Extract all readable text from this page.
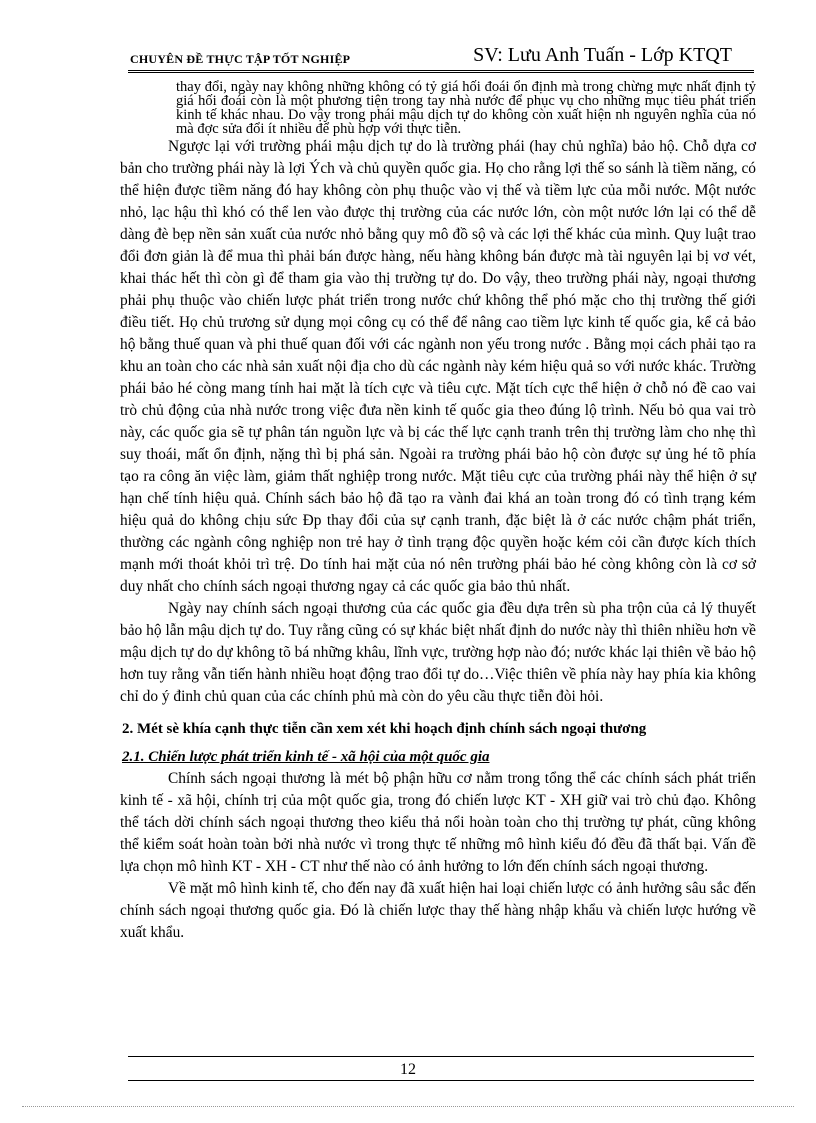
CHUYÊN ĐỀ THỰC TẬP TỐT NGHIỆP	SV: Lưu Anh Tuấn - Lớp KTQT

thay đổi, ngày nay không những không có tỷ giá hối đoái ổn định mà trong chừng mực nhất định tỷ giá hối đoái còn là một phương tiện trong tay nhà nước để phục vụ cho những mục tiêu phát triển kinh tế khác nhau. Do vậy trong phái mậu dịch tự do không còn xuất hiện nh nguyên nghĩa của nó mà đợc sửa đổi ít nhiều để phù hợp với thực tiễn.

Ngược lại với trường phái mậu dịch tự do là trường phái (hay chủ nghĩa) bảo hộ. Chỗ dựa cơ bản cho trường phái này là lợi Ých và chủ quyền quốc gia. Họ cho rằng lợi thế so sánh là tiềm năng, có thể hiện được tiềm năng đó hay không còn phụ thuộc vào vị thế và tiềm lực của mỗi nước. Một nước nhỏ, lạc hậu thì khó có thể len vào được thị trường của các nước lớn, còn một nước lớn lại có thể dễ dàng đè bẹp nền sản xuất của nước nhỏ bằng quy mô đồ sộ và các lợi thế khác của mình. Quy luật trao đổi đơn giản là để mua thì phải bán được hàng, nếu hàng không bán được mà tài nguyên lại bị vơ vét, khai thác hết thì còn gì để tham gia vào thị trường tự do. Do vậy, theo trường phái này, ngoại thương phải phụ thuộc vào chiến lược phát triển trong nước chứ không thể phó mặc cho thị trường thế giới điều tiết. Họ chủ trương sử dụng mọi công cụ có thể để nâng cao tiềm lực kinh tế quốc gia, kể cả bảo hộ bằng thuế quan và phi thuế quan đối với các ngành non yếu trong nước . Bằng mọi cách phải tạo ra khu an toàn cho các nhà sản xuất nội địa cho dù các ngành này kém hiệu quả so với nước khác. Trường phái bảo hé còng mang tính hai mặt là tích cực và tiêu cực. Mặt tích cực thể hiện ở chỗ nó đề cao vai trò chủ động của nhà nước trong việc đưa nền kinh tế quốc gia theo đúng lộ trình. Nếu bỏ qua vai trò này, các quốc gia sẽ tự phân tán nguồn lực và bị các thế lực cạnh tranh trên thị trường làm cho nhẹ thì suy thoái, mất ổn định, nặng thì bị phá sản. Ngoài ra trường phái bảo hộ còn được sự ủng hé tõ phía tạo ra công ăn việc làm, giảm thất nghiệp trong nước. Mặt tiêu cực của trường phái này thể hiện ở sự hạn chế tính hiệu quả. Chính sách bảo hộ đã tạo ra vành đai khá an toàn trong đó có tình trạng kém hiệu quả do không chịu sức Ðp thay đổi của sự cạnh tranh, đặc biệt là ở các nước chậm phát triển, thường các ngành công nghiệp non trẻ hay ở tình trạng độc quyền hoặc kém cỏi cần được kích thích mạnh mới thoát khỏi trì trệ. Do tính hai mặt của nó nên trường phái bảo hé còng không còn là cơ sở duy nhất cho chính sách ngoại thương ngay cả các quốc gia bảo thủ nhất.

Ngày nay chính sách ngoại thương của các quốc gia đều dựa trên sù pha trộn của cả lý thuyết bảo hộ lẫn mậu dịch tự do. Tuy rằng cũng có sự khác biệt nhất định do nước này thì thiên nhiều hơn về mậu dịch tự do dự không tõ bá những khâu, lĩnh vực, trường hợp nào đó; nước khác lại thiên về bảo hộ hơn tuy rằng vẫn tiến hành nhiều hoạt động trao đổi tự do…Việc thiên về phía này hay phía kia không chỉ do ý đinh chủ quan của các chính phủ mà còn do yêu cầu thực tiễn đòi hỏi.

2. Mét sè khía cạnh thực tiễn cần xem xét khi hoạch định chính sách ngoại thương
2.1. Chiến lược phát triển kinh tế - xã hội của một quốc gia

Chính sách ngoại thương là mét bộ phận hữu cơ nằm trong tổng thể các chính sách phát triển kinh tế - xã hội, chính trị của một quốc gia, trong đó chiến lược KT - XH giữ vai trò chủ đạo. Không thể tách dời chính sách ngoại thương theo kiểu thả nổi hoàn toàn cho thị trường tự phát, cũng không thể kiểm soát hoàn toàn bởi nhà nước vì trong thực tế những mô hình kiểu đó đều đã thất bại. Vấn đề lựa chọn mô hình KT - XH - CT như thế nào có ảnh hưởng to lớn đến chính sách ngoại thương.

Về mặt mô hình kinh tế, cho đến nay đã xuất hiện hai loại chiến lược có ảnh hưởng sâu sắc đến chính sách ngoại thương quốc gia. Đó là chiến lược thay thế hàng nhập khẩu và chiến lược hướng về xuất khẩu.

12
